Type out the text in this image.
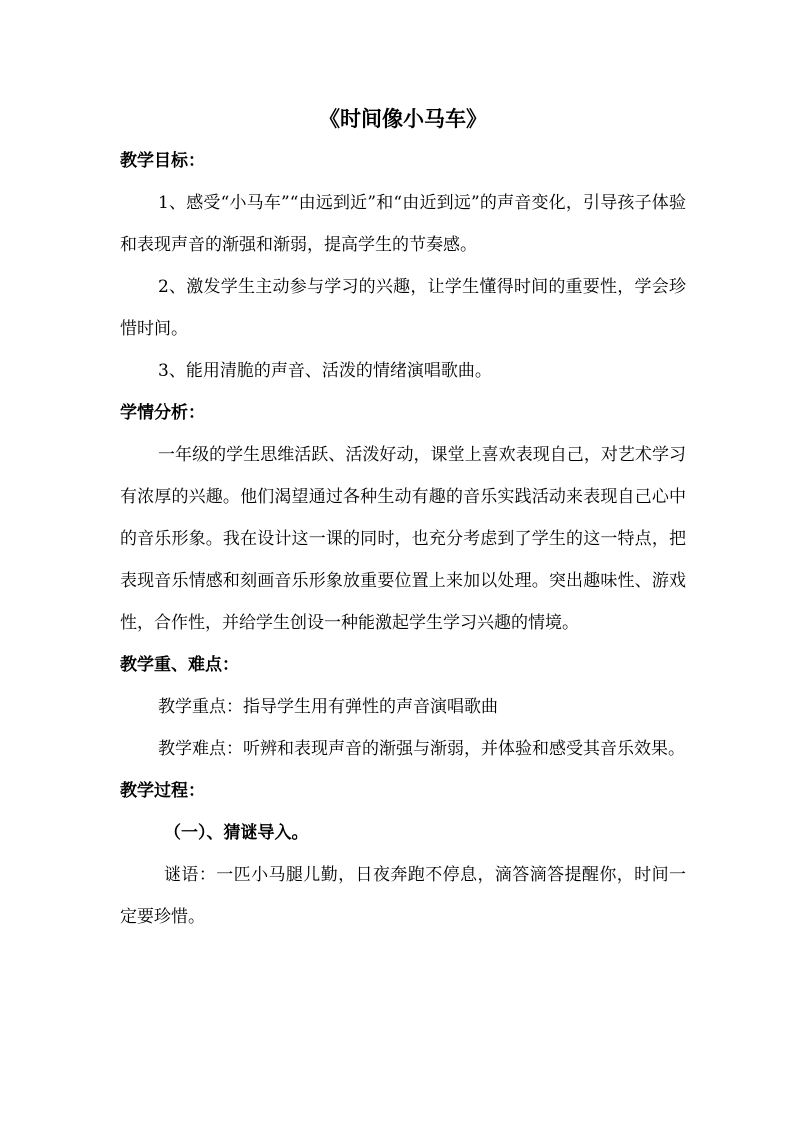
《时间像小马车》

教学目标：

1、感受“小马车”“由远到近”和“由近到远”的声音变化，引导孩子体验和表现声音的渐强和渐弱，提高学生的节奏感。

2、激发学生主动参与学习的兴趣，让学生懂得时间的重要性，学会珍惜时间。

3、能用清脆的声音、活泼的情绪演唱歌曲。

学情分析：

一年级的学生思维活跃、活泼好动，课堂上喜欢表现自己，对艺术学习有浓厚的兴趣。他们渴望通过各种生动有趣的音乐实践活动来表现自己心中的音乐形象。我在设计这一课的同时，也充分考虑到了学生的这一特点，把表现音乐情感和刻画音乐形象放重要位置上来加以处理。突出趣味性、游戏性，合作性，并给学生创设一种能激起学生学习兴趣的情境。

教学重、难点：

教学重点：指导学生用有弹性的声音演唱歌曲

教学难点：听辨和表现声音的渐强与渐弱，并体验和感受其音乐效果。

教学过程：

（一）、猜谜导入。

谜语：一匹小马腿儿勤，日夜奔跑不停息，滴答滴答提醒你，时间一定要珍惜。
